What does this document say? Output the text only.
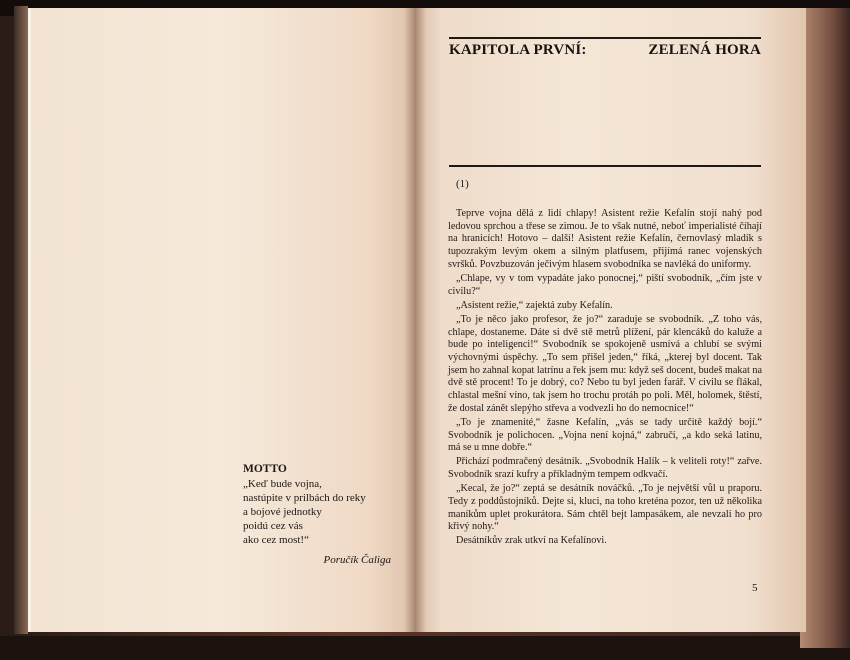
MOTTO
„Keď bude vojna,
nastúpite v prilbách do reky
a bojové jednotky
poidú cez vás
ako cez most!“
Poručík Čaliga
KAPITOLA PRVNÍ:	ZELENÁ HORA
(1)

Teprve vojna dělá z lidí chlapy! Asistent režie Kefalín stojí nahý pod ledovou sprchou a třese se zimou. Je to však nutné, neboť imperialisté číhají na hranicích! Hotovo – další! Asistent režie Kefalín, černovlasý mladík s tupozrakým levým okem a silným platfusem, přijímá ranec vojenských svršků. Povzbuzován ječivým hlasem svobodníka se navléká do uniformy.

„Chlape, vy v tom vypadáte jako ponocnej,“ piští svobodník, „čím jste v civilu?“

„Asistent režie,“ zajektá zuby Kefalín.

„To je něco jako profesor, že jo?“ zaraduje se svobodník. „Z toho vás, chlape, dostaneme. Dáte si dvě stě metrů plížení, pár klencáků do kaluže a bude po inteligenci!“ Svobodník se spokojeně usmívá a chlubí se svými výchovnými úspěchy. „To sem přišel jeden,“ říká, „kterej byl docent. Tak jsem ho zahnal kopat latrínu a řek jsem mu: když seš docent, budeš makat na dvě stě procent! To je dobrý, co? Nebo tu byl jeden farář. V civilu se flákal, chlastal mešní víno, tak jsem ho trochu protáh po poli. Měl, holomek, štěstí, že dostal zánět slepýho střeva a vodvezli ho do nemocnice!“

„To je znamenité,“ žasne Kefalín, „vás se tady určitě každý bojí.“ Svobodník je polichocen. „Vojna není kojná,“ zabručí, „a kdo seká latinu, má se u mne dobře.“

Přichází podmračený desátník. „Svobodník Halík – k veliteli roty!“ zařve. Svobodník srazí kufry a příkladným tempem odkvačí.

„Kecal, že jo?“ zeptá se desátník nováčků. „To je největší vůl u praporu. Tedy z poddůstojníků. Dejte si, kluci, na toho kreténa pozor, ten už několika maníkům uplet prokurátora. Sám chtěl bejt lampasákem, ale nevzali ho pro křivý nohy.“

Desátníkův zrak utkví na Kefalínovi.

5
